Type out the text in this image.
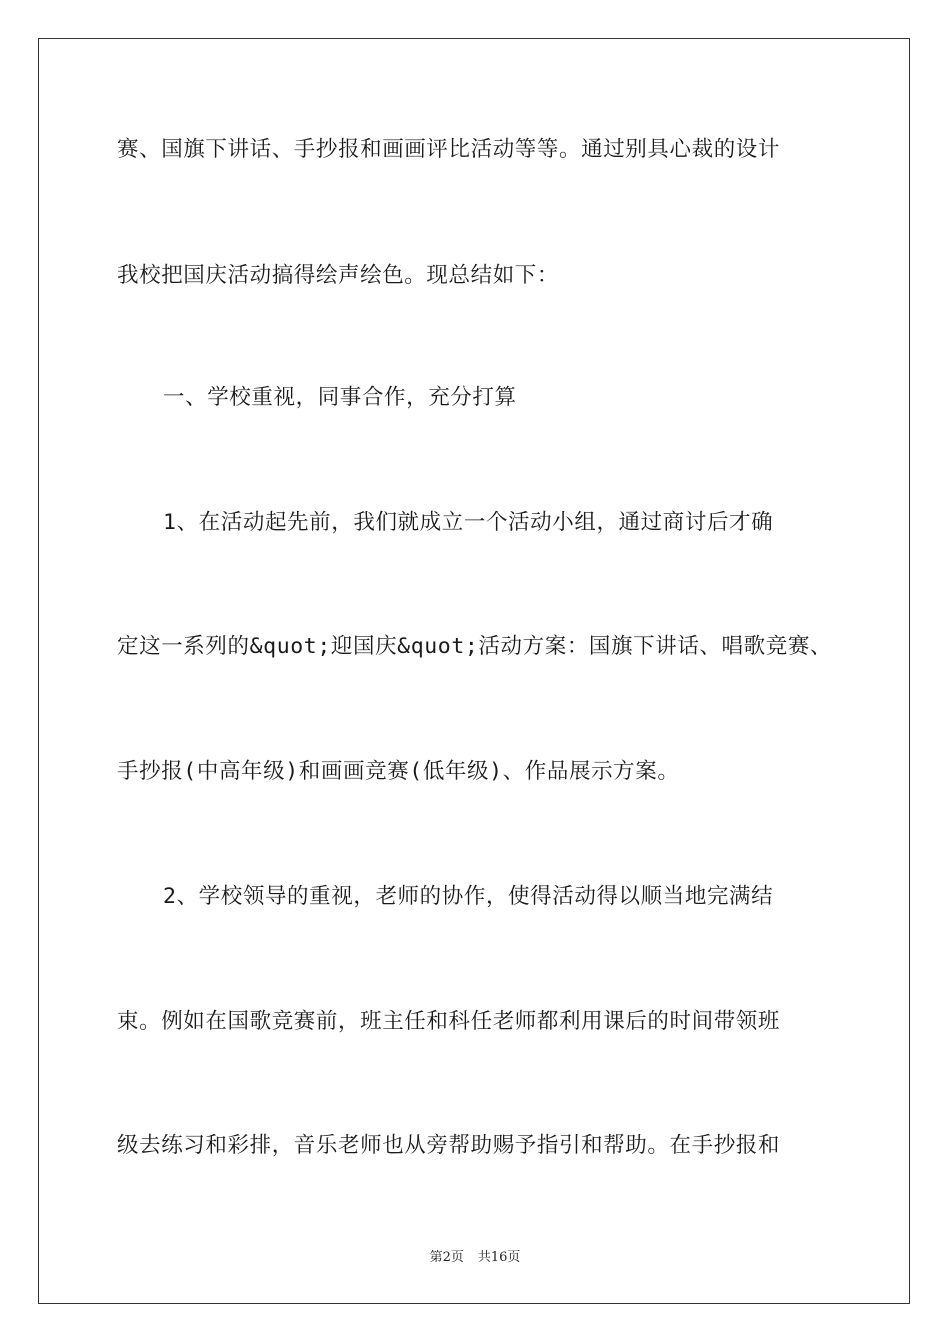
赛、国旗下讲话、手抄报和画画评比活动等等。通过别具心裁的设计
我校把国庆活动搞得绘声绘色。现总结如下：
一、学校重视，同事合作，充分打算
1、在活动起先前，我们就成立一个活动小组，通过商讨后才确
定这一系列的&quot;迎国庆&quot;活动方案：国旗下讲话、唱歌竞赛、
手抄报(中高年级)和画画竞赛(低年级)、作品展示方案。
2、学校领导的重视，老师的协作，使得活动得以顺当地完满结
束。例如在国歌竞赛前，班主任和科任老师都利用课后的时间带领班
级去练习和彩排，音乐老师也从旁帮助赐予指引和帮助。在手抄报和
第2页 共16页
